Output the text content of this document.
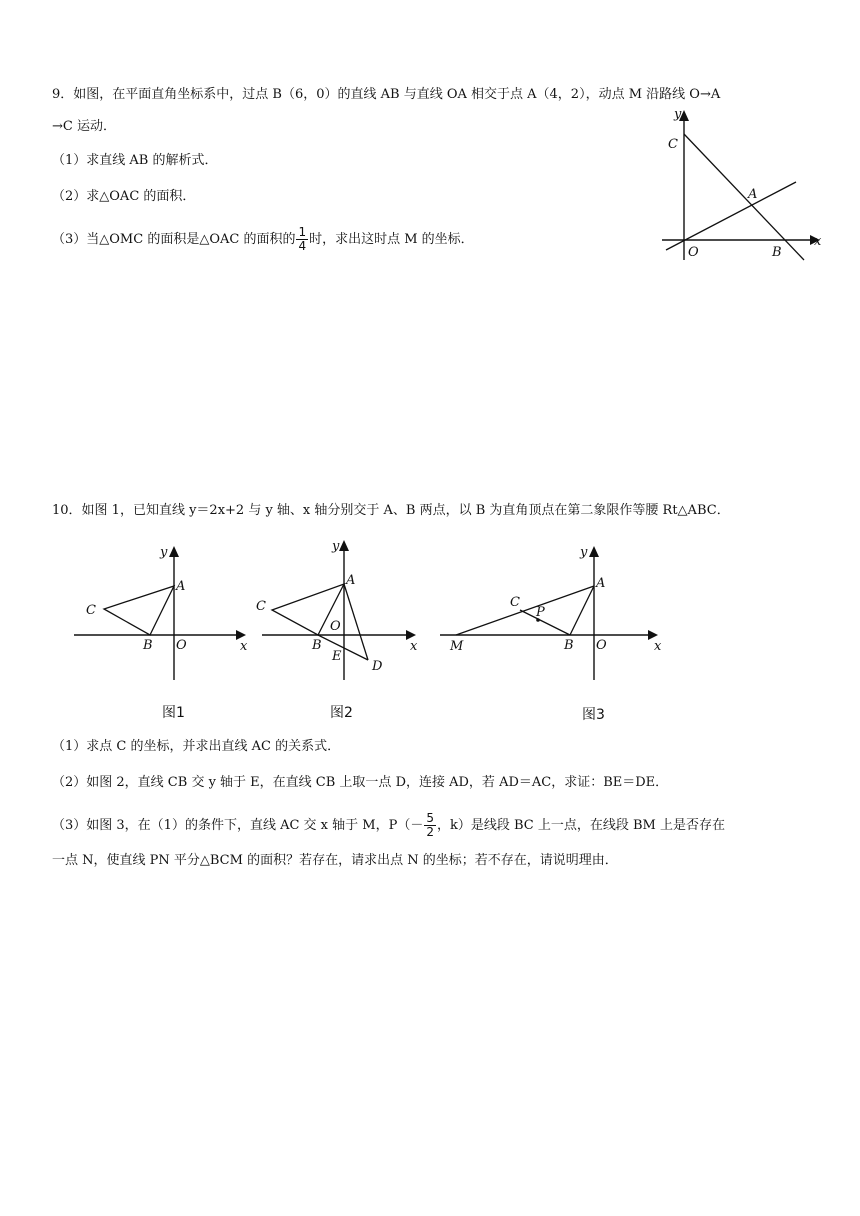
9．如图，在平面直角坐标系中，过点 B（6，0）的直线 AB 与直线 OA 相交于点 A（4，2），动点 M 沿路线 O→A
→C 运动．
（1）求直线 AB 的解析式．
（2）求△OAC 的面积．
（3）当△OMC 的面积是△OAC 的面积的 $\frac{1}{4}$ 时，求出这时点 M 的坐标．
y
x
C
A
O	B
10．如图 1，已知直线 y＝2x+2 与 y 轴、x 轴分别交于 A、B 两点，以 B 为直角顶点在第二象限作等腰 Rt△ABC．
y
x
A
C
B O
图1
y
x
A
C
O
B
E
D
图2
y
x
A
C
P
M	B O
图3
（1）求点 C 的坐标，并求出直线 AC 的关系式．
（2）如图 2，直线 CB 交 y 轴于 E，在直线 CB 上取一点 D，连接 AD，若 AD＝AC，求证：BE＝DE．
（3）如图 3，在（1）的条件下，直线 AC 交 x 轴于 M，$P(- \frac{5}{2}$ ，k）是线段 BC 上一点，在线段 BM 上是否存在
一点 N，使直线 PN 平分△BCM 的面积？若存在，请求出点 N 的坐标；若不存在，请说明理由．
